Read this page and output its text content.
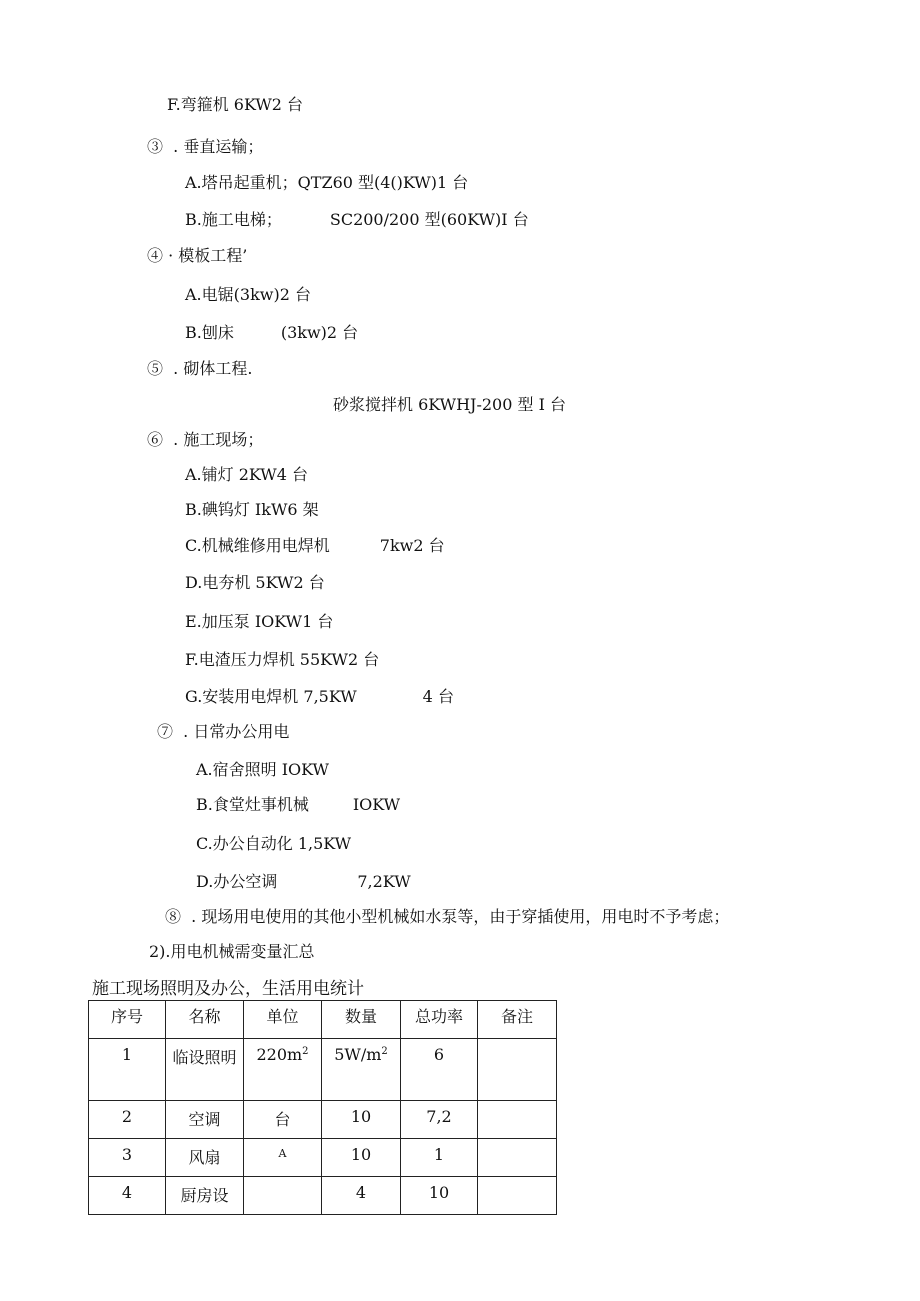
F.弯箍机 6KW2 台
③  . 垂直运输；
A.塔吊起重机；QTZ60 型(4()KW)1 台
B.施工电梯；	SC200/200 型(60KW)I 台
④ · 模板工程’
A.电锯(3kw)2 台
B.刨床	(3kw)2 台
⑤  . 砌体工程.
砂浆搅拌机 6KWHJ-200 型 I 台
⑥  . 施工现场；
A.铺灯 2KW4 台
B.碘钨灯 IkW6 架
C.机械维修用电焊机	7kw2 台
D.电夯机 5KW2 台
E.加压泵 IOKW1 台
F.电渣压力焊机 55KW2 台
G.安装用电焊机 7,5KW	4 台
⑦  . 日常办公用电
A.宿舍照明 IOKW
B.食堂灶事机械	IOKW
C.办公自动化 1,5KW
D.办公空调	7,2KW
⑧  . 现场用电使用的其他小型机械如水泵等，由于穿插使用，用电时不予考虑；
2).用电机械需变量汇总
施工现场照明及办公，生活用电统计
序号	名称	单位	数量	总功率	备注
1	临设照明	$220m^2$	$5W/m^2$	6	
2	空调	台	10	7,2	
3	风扇	A	10	1	
4	厨房设		4	10	
